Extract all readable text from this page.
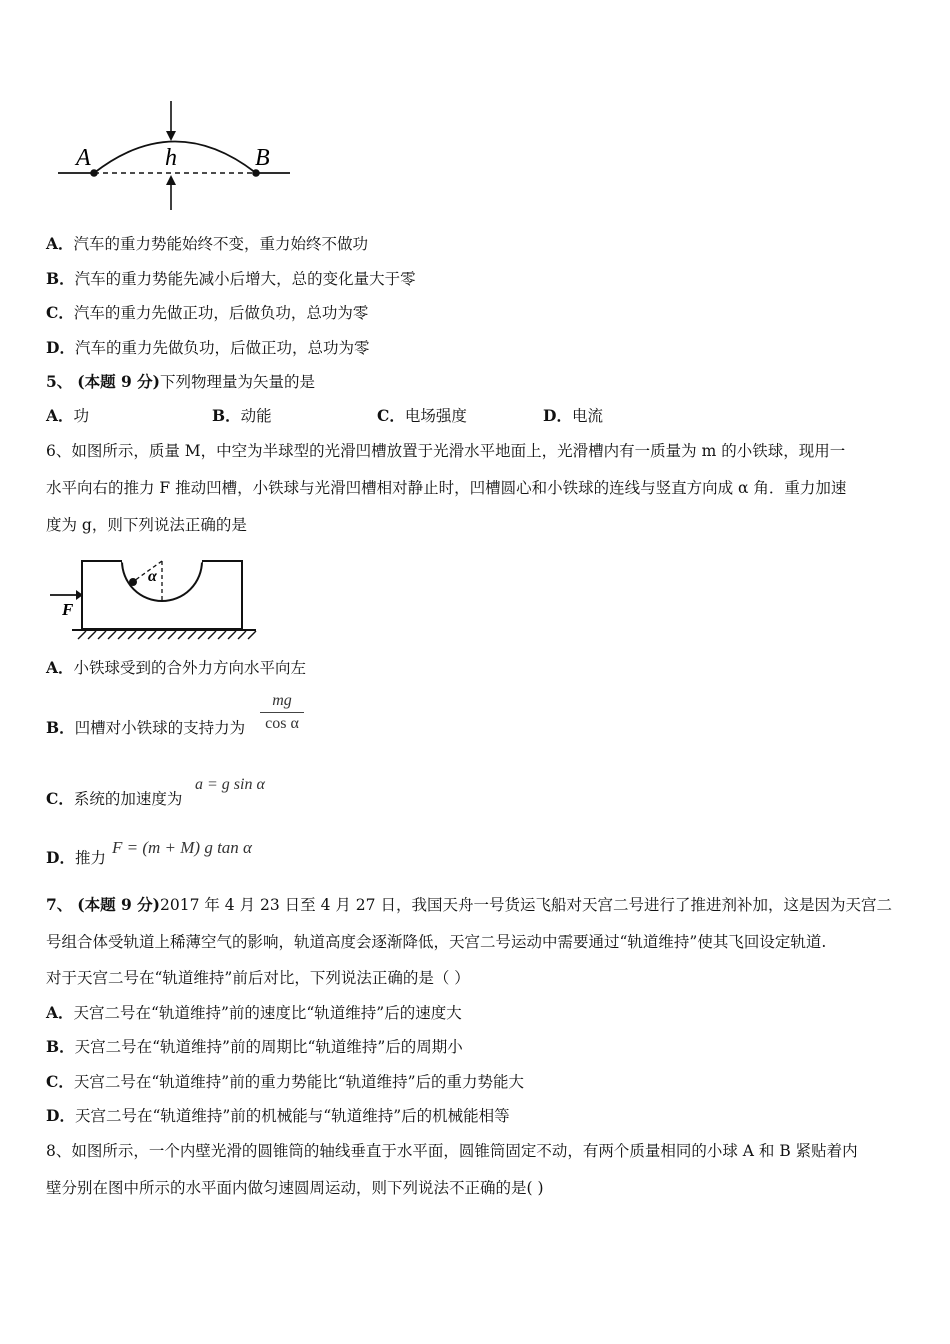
A	B
h
A．汽车的重力势能始终不变，重力始终不做功
B．汽车的重力势能先减小后增大，总的变化量大于零
C．汽车的重力先做正功，后做负功，总功为零
D．汽车的重力先做负功，后做正功，总功为零
5、 (本题 9 分)下列物理量为矢量的是
A．功	B．动能	C．电场强度	D．电流
6、如图所示，质量 M，中空为半球型的光滑凹槽放置于光滑水平地面上，光滑槽内有一质量为 m 的小铁球，现用一
水平向右的推力 F 推动凹槽，小铁球与光滑凹槽相对静止时，凹槽圆心和小铁球的连线与竖直方向成 α 角．重力加速
度为 g，则下列说法正确的是
α
F
A．小铁球受到的合外力方向水平向左
B．凹槽对小铁球的支持力为
mg
cos α
C．系统的加速度为
a = g sin α
D．推力
F = (m + M) g tan α
7、 (本题 9 分)2017 年 4 月 23 日至 4 月 27 日，我国天舟一号货运飞船对天宫二号进行了推进剂补加，这是因为天宫二
号组合体受轨道上稀薄空气的影响，轨道高度会逐渐降低，天宫二号运动中需要通过“轨道维持”使其飞回设定轨道.
对于天宫二号在“轨道维持”前后对比，下列说法正确的是（ ）
A．天宫二号在“轨道维持”前的速度比“轨道维持”后的速度大
B．天宫二号在“轨道维持”前的周期比“轨道维持”后的周期小
C．天宫二号在“轨道维持”前的重力势能比“轨道维持”后的重力势能大
D．天宫二号在“轨道维持”前的机械能与“轨道维持”后的机械能相等
8、如图所示，一个内壁光滑的圆锥筒的轴线垂直于水平面，圆锥筒固定不动，有两个质量相同的小球 A 和 B 紧贴着内
壁分别在图中所示的水平面内做匀速圆周运动，则下列说法不正确的是( )
